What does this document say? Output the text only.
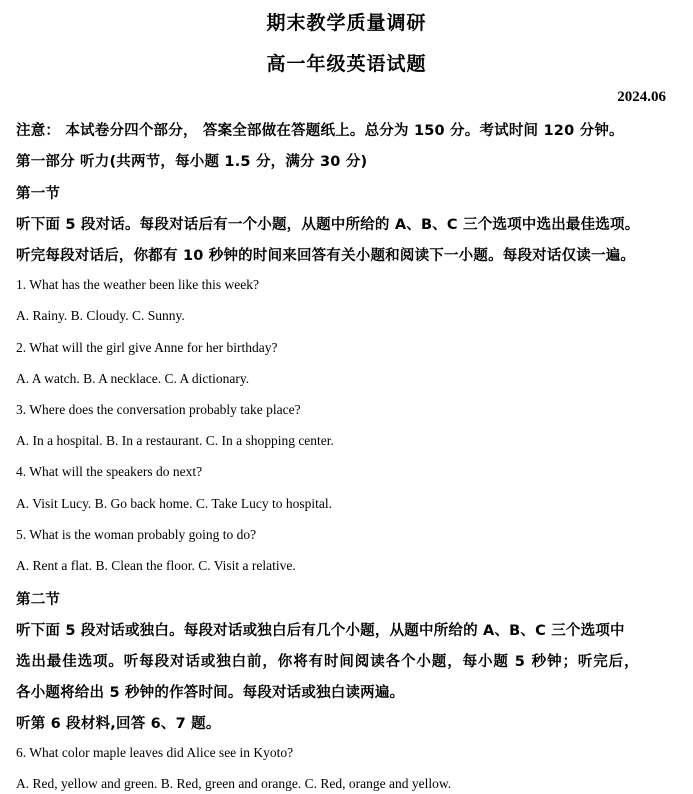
期末教学质量调研
高一年级英语试题
2024.06
注意： 本试卷分四个部分， 答案全部做在答题纸上。总分为 150 分。考试时间 120 分钟。
第一部分 听力(共两节，每小题 1.5 分，满分 30 分)
第一节
听下面 5 段对话。每段对话后有一个小题，从题中所给的 A、B、C 三个选项中选出最佳选项。
听完每段对话后，你都有 10 秒钟的时间来回答有关小题和阅读下一小题。每段对话仅读一遍。
1. What has the weather been like this week?
A. Rainy. B. Cloudy. C. Sunny.
2. What will the girl give Anne for her birthday?
A. A watch. B. A necklace. C. A dictionary.
3. Where does the conversation probably take place?
A. In a hospital. B. In a restaurant. C. In a shopping center.
4. What will the speakers do next?
A. Visit Lucy. B. Go back home. C. Take Lucy to hospital.
5. What is the woman probably going to do?
A. Rent a flat. B. Clean the floor. C. Visit a relative.
第二节
听下面 5 段对话或独白。每段对话或独白后有几个小题，从题中所给的 A、B、C 三个选项中
选出最佳选项。听每段对话或独白前，你将有时间阅读各个小题，每小题 5 秒钟；听完后，
各小题将给出 5 秒钟的作答时间。每段对话或独白读两遍。
听第 6 段材料,回答 6、7 题。
6. What color maple leaves did Alice see in Kyoto?
A. Red, yellow and green. B. Red, green and orange. C. Red, orange and yellow.
